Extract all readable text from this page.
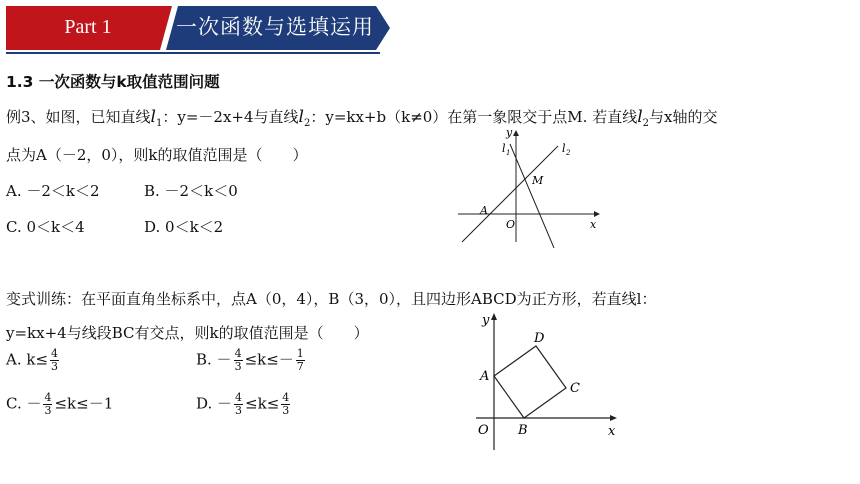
Part 1	一次函数与选填运用
1.3 一次函数与k取值范围问题
例3、如图，已知直线$l_1$：y=－2x+4与直线$l_2$：y=kx+b（k≠0）在第一象限交于点M. 若直线$l_2$与x轴的交
点为A（－2，0），则k的取值范围是（　　）
A. －2＜k＜2	B. －2＜k＜0
C. 0＜k＜4	D. 0＜k＜2
y
x
l 1	l 2
M
A
O
变式训练：在平面直角坐标系中，点A（0，4），B（3，0），且四边形ABCD为正方形，若直线l：
y=kx+4与线段BC有交点，则k的取值范围是（　　）
A. $k\le \frac{4}{3}$	B. － $\frac{4}{3} \le k\le- \frac{1}{7}$
C. － $\frac{4}{3} \le k\le-1$	D. － $\frac{4}{3} \le k\le \frac{4}{3}$
y
x
A
B
C
D
O
